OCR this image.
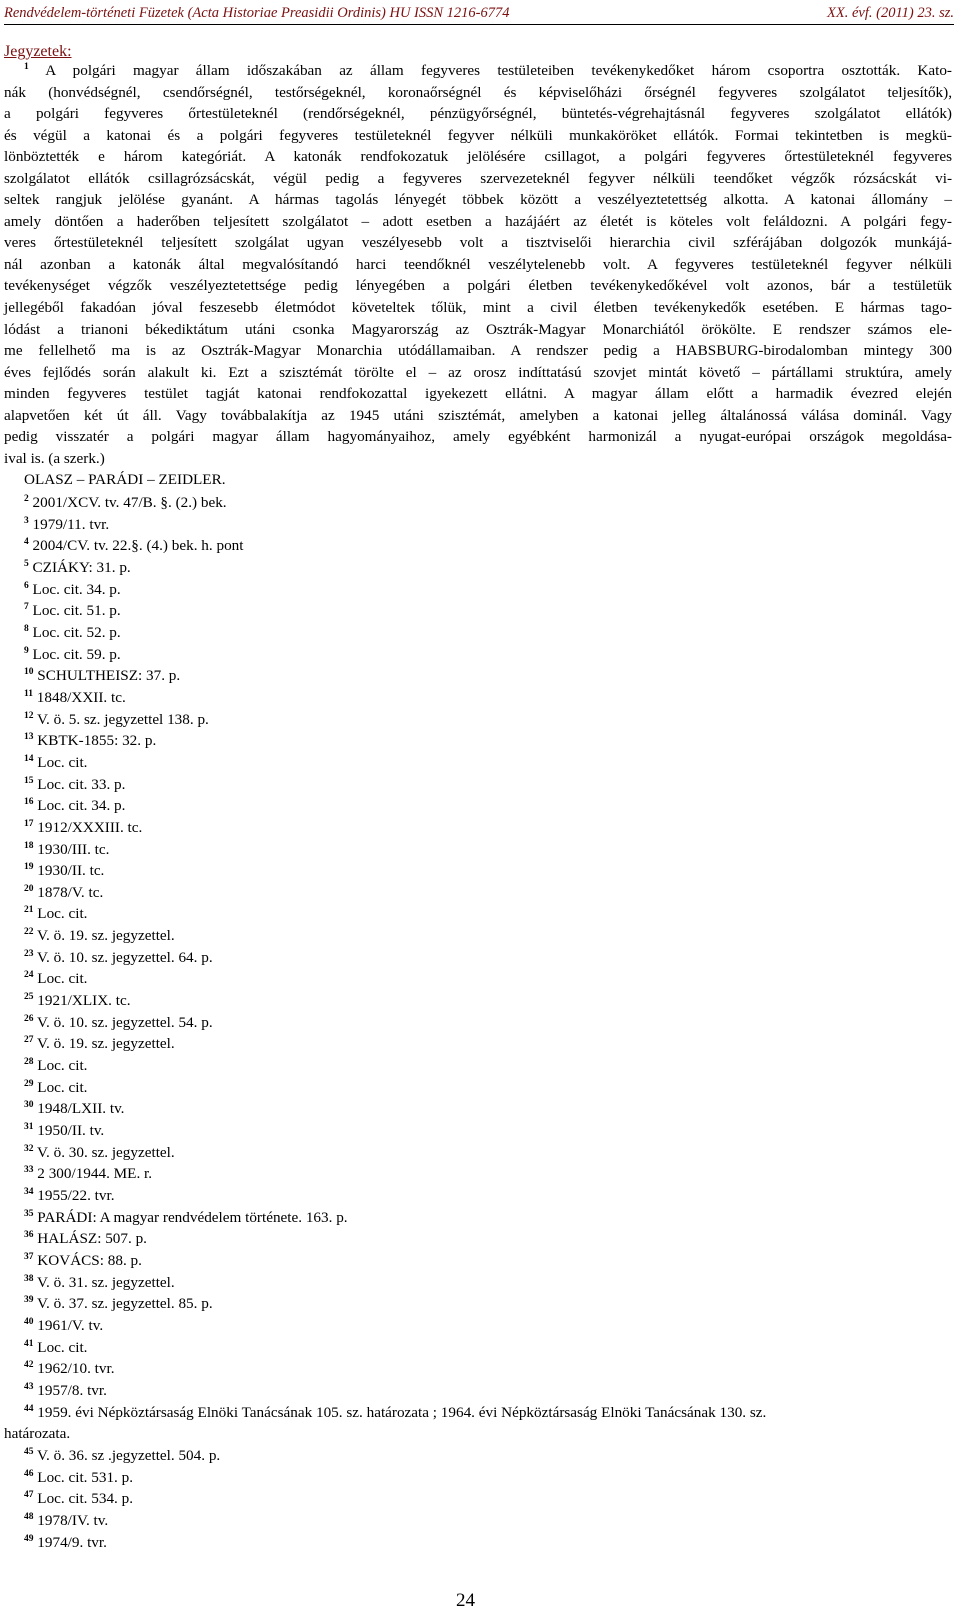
Rendvédelem-történeti Füzetek (Acta Historiae Preasidii Ordinis) HU ISSN 1216-6774	XX. évf. (2011) 23. sz.
Jegyzetek:
$^1$ A polgári magyar állam időszakában az állam fegyveres testületeiben tevékenykedőket három csoportra osztották. Kato-
nák (honvédségnél, csendőrségnél, testőrségeknél, koronaőrségnél és képviselőházi őrségnél fegyveres szolgálatot teljesítők),
a polgári fegyveres őrtestületeknél (rendőrségeknél, pénzügyőrségnél, büntetés-végrehajtásnál fegyveres szolgálatot ellátók)
és végül a katonai és a polgári fegyveres testületeknél fegyver nélküli munkaköröket ellátók. Formai tekintetben is megkü-
lönböztették e három kategóriát. A katonák rendfokozatuk jelölésére csillagot, a polgári fegyveres őrtestületeknél fegyveres
szolgálatot ellátók csillagrózsácskát, végül pedig a fegyveres szervezeteknél fegyver nélküli teendőket végzők rózsácskát vi-
seltek rangjuk jelölése gyanánt. A hármas tagolás lényegét többek között a veszélyeztetettség alkotta. A katonai állomány –
amely döntően a haderőben teljesített szolgálatot – adott esetben a hazájáért az életét is köteles volt feláldozni. A polgári fegy-
veres őrtestületeknél teljesített szolgálat ugyan veszélyesebb volt a tisztviselői hierarchia civil szférájában dolgozók munkájá-
nál azonban a katonák által megvalósítandó harci teendőknél veszélytelenebb volt. A fegyveres testületeknél fegyver nélküli
tevékenységet végzők veszélyeztetettsége pedig lényegében a polgári életben tevékenykedőkével volt azonos, bár a testületük
jellegéből fakadóan jóval feszesebb életmódot követeltek tőlük, mint a civil életben tevékenykedők esetében. E hármas tago-
lódást a trianoni békediktátum utáni csonka Magyarország az Osztrák-Magyar Monarchiától örökölte. E rendszer számos ele-
me fellelhető ma is az Osztrák-Magyar Monarchia utódállamaiban. A rendszer pedig a HABSBURG-birodalomban mintegy 300
éves fejlődés során alakult ki. Ezt a szisztémát törölte el – az orosz indíttatású szovjet mintát követő – pártállami struktúra, amely
minden fegyveres testület tagját katonai rendfokozattal igyekezett ellátni. A magyar állam előtt a harmadik évezred elején
alapvetően két út áll. Vagy továbbalakítja az 1945 utáni szisztémát, amelyben a katonai jelleg általánossá válása dominál. Vagy
pedig visszatér a polgári magyar állam hagyományaihoz, amely egyébként harmonizál a nyugat-európai országok megoldása-
ival is. (a szerk.)
OLASZ – PARÁDI – ZEIDLER.
$^2$ 2001/XCV. tv. 47/B. §. (2.) bek.
$^3$ 1979/11. tvr.
$^4$ 2004/CV. tv. 22.§. (4.) bek. h. pont
$^5$ CZIÁKY: 31. p.
$^6$ Loc. cit. 34. p.
$^7$ Loc. cit. 51. p.
$^8$ Loc. cit. 52. p.
$^9$ Loc. cit. 59. p.
$^{10}$ SCHULTHEISZ: 37. p.
$^{11}$ 1848/XXII. tc.
$^{12}$ V. ö. 5. sz. jegyzettel 138. p.
$^{13}$ KBTK-1855: 32. p.
$^{14}$ Loc. cit.
$^{15}$ Loc. cit. 33. p.
$^{16}$ Loc. cit. 34. p.
$^{17}$ 1912/XXXIII. tc.
$^{18}$ 1930/III. tc.
$^{19}$ 1930/II. tc.
$^{20}$ 1878/V. tc.
$^{21}$ Loc. cit.
$^{22}$ V. ö. 19. sz. jegyzettel.
$^{23}$ V. ö. 10. sz. jegyzettel. 64. p.
$^{24}$ Loc. cit.
$^{25}$ 1921/XLIX. tc.
$^{26}$ V. ö. 10. sz. jegyzettel. 54. p.
$^{27}$ V. ö. 19. sz. jegyzettel.
$^{28}$ Loc. cit.
$^{29}$ Loc. cit.
$^{30}$ 1948/LXII. tv.
$^{31}$ 1950/II. tv.
$^{32}$ V. ö. 30. sz. jegyzettel.
$^{33}$ 2 300/1944. ME. r.
$^{34}$ 1955/22. tvr.
$^{35}$ PARÁDI: A magyar rendvédelem története. 163. p.
$^{36}$ HALÁSZ: 507. p.
$^{37}$ KOVÁCS: 88. p.
$^{38}$ V. ö. 31. sz. jegyzettel.
$^{39}$ V. ö. 37. sz. jegyzettel. 85. p.
$^{40}$ 1961/V. tv.
$^{41}$ Loc. cit.
$^{42}$ 1962/10. tvr.
$^{43}$ 1957/8. tvr.
$^{44}$ 1959. évi Népköztársaság Elnöki Tanácsának 105. sz. határozata ; 1964. évi Népköztársaság Elnöki Tanácsának 130. sz.
határozata.
$^{45}$ V. ö. 36. sz .jegyzettel. 504. p.
$^{46}$ Loc. cit. 531. p.
$^{47}$ Loc. cit. 534. p.
$^{48}$ 1978/IV. tv.
$^{49}$ 1974/9. tvr.
24
